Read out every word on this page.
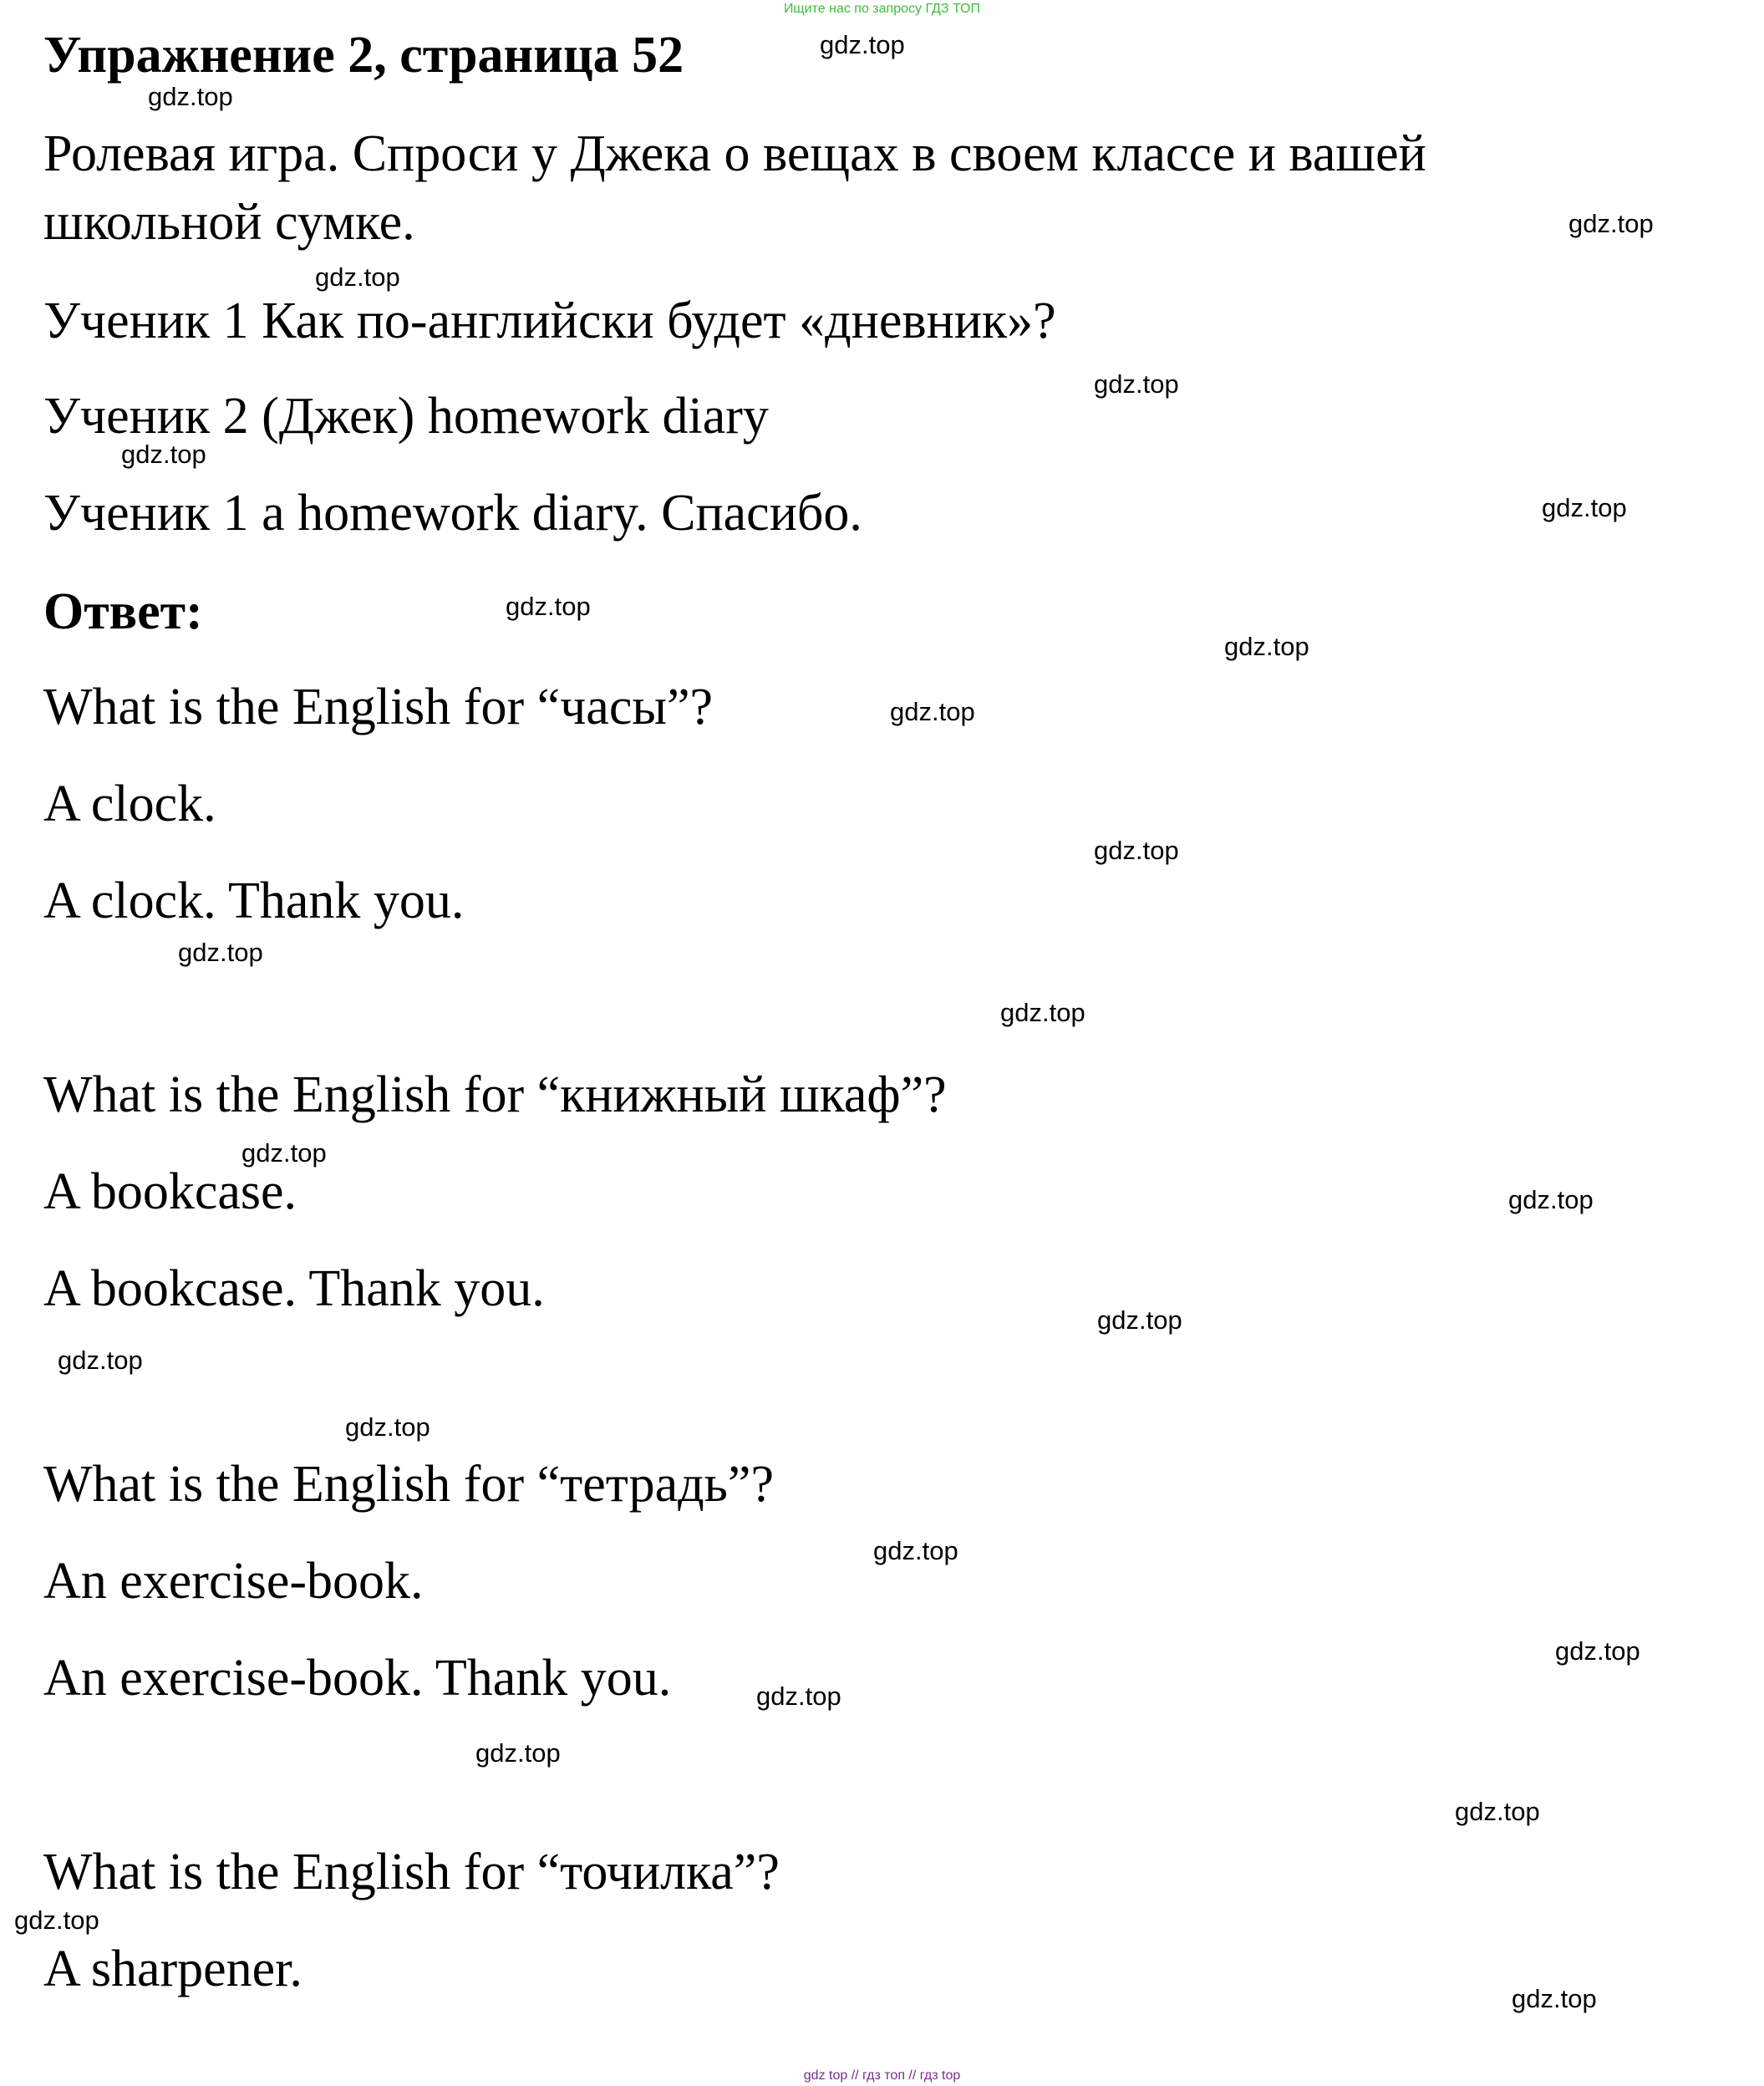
Ищите нас по запросу ГДЗ ТОП
Упражнение 2, страница 52
Ролевая игра. Спроси у Джека о вещах в своем классе и вашей
школьной сумке.
Ученик 1 Как по-английски будет «дневник»?
Ученик 2 (Джек) homework diary
Ученик 1 a homework diary. Спасибо.
Ответ:
What is the English for “часы”?
A clock.
A clock. Thank you.
What is the English for “книжный шкаф”?
A bookcase.
A bookcase. Thank you.
What is the English for “тетрадь”?
An exercise-book.
An exercise-book. Thank you.
What is the English for “точилка”?
A sharpener.
gdz.top
gdz.top
gdz.top
gdz.top
gdz.top
gdz.top
gdz.top
gdz.top
gdz.top
gdz.top
gdz.top
gdz.top
gdz.top
gdz.top
gdz.top
gdz.top
gdz.top
gdz.top
gdz.top
gdz.top
gdz.top
gdz.top
gdz.top
gdz.top
gdz.top
gdz top // гдз топ // гдз top
